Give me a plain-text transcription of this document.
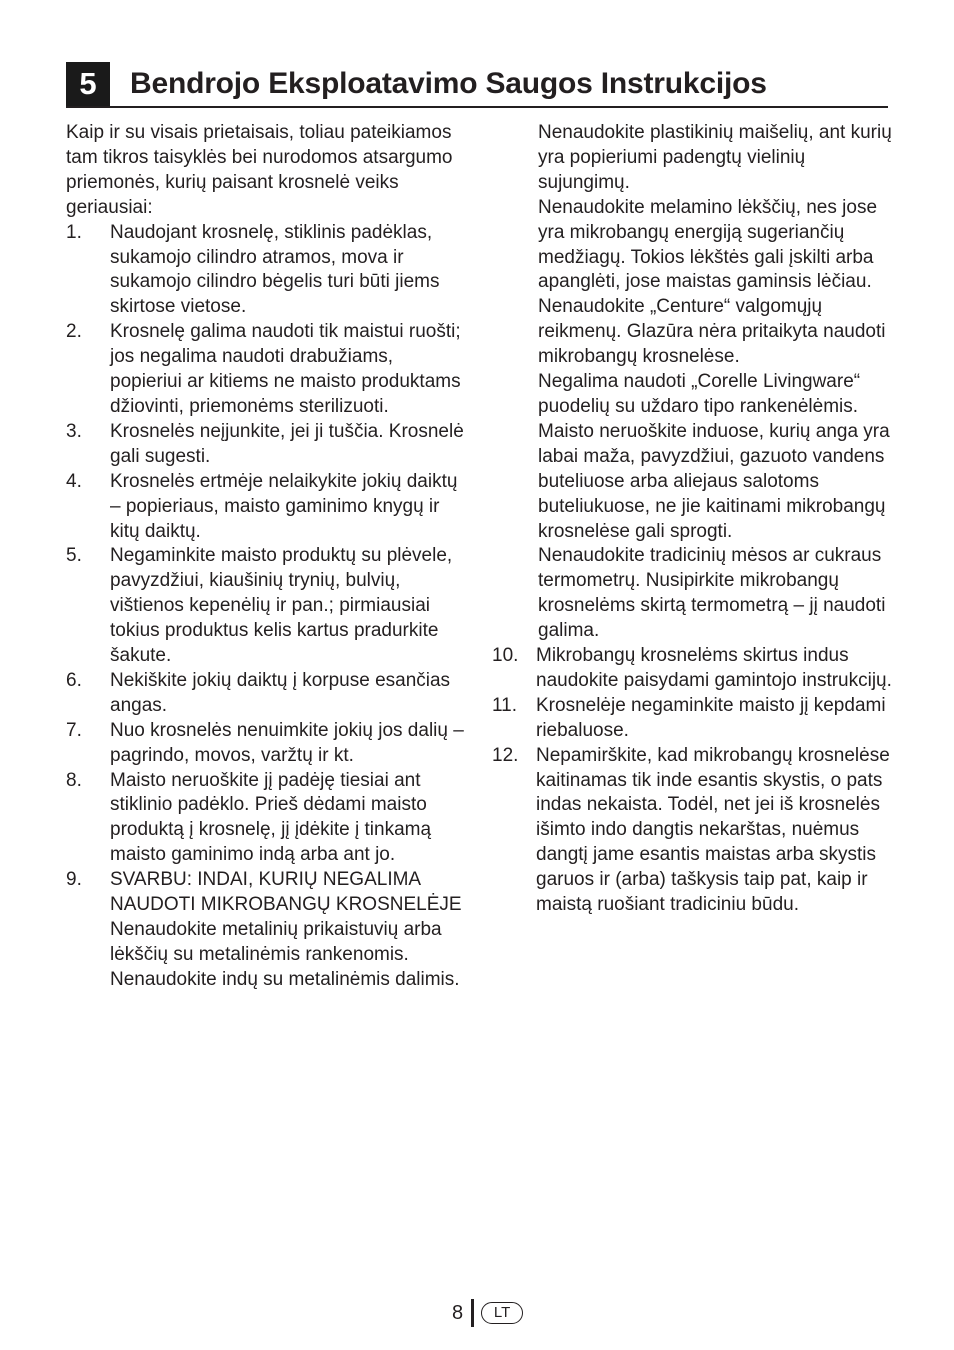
5	Bendrojo Eksploatavimo Saugos Instrukcijos

Kaip ir su visais prietaisais, toliau pateikiamos tam tikros taisyklės bei nurodomos atsargumo priemonės, kurių paisant krosnelė veiks geriausiai:

1.	Naudojant krosnelę, stiklinis padėklas, sukamojo cilindro atramos, mova ir sukamojo cilindro bėgelis turi būti jiems skirtose vietose.

2.	Krosnelę galima naudoti tik maistui ruošti; jos negalima naudoti drabužiams, popieriui ar kitiems ne maisto produktams džiovinti, priemonėms sterilizuoti.

3.	Krosnelės neįjunkite, jei ji tuščia. Krosnelė gali sugesti.

4.	Krosnelės ertmėje nelaikykite jokių daiktų – popieriaus, maisto gaminimo knygų ir kitų daiktų.

5.	Negaminkite maisto produktų su plėvele, pavyzdžiui, kiaušinių trynių, bulvių, vištienos kepenėlių ir pan.; pirmiausiai tokius produktus kelis kartus pradurkite šakute.

6.	Nekiškite jokių daiktų į korpuse esančias angas.

7.	Nuo krosnelės nenuimkite jokių jos dalių – pagrindo, movos, varžtų ir kt.

8.	Maisto neruoškite jį padėję tiesiai ant stiklinio padėklo. Prieš dėdami maisto produktą į krosnelę, jį įdėkite į tinkamą maisto gaminimo indą arba ant jo.

9.	SVARBU: INDAI, KURIŲ NEGALIMA NAUDOTI MIKROBANGŲ KROSNELĖJE

Nenaudokite metalinių prikaistuvių arba lėkščių su metalinėmis rankenomis.

Nenaudokite indų su metalinėmis dalimis.

Nenaudokite plastikinių maišelių, ant kurių yra popieriumi padengtų vielinių sujungimų.

Nenaudokite melamino lėkščių, nes jose yra mikrobangų energiją sugeriančių medžiagų. Tokios lėkštės gali įskilti arba apanglėti, jose maistas gaminsis lėčiau.

Nenaudokite „Centure“ valgomųjų reikmenų. Glazūra nėra pritaikyta naudoti mikrobangų krosnelėse.

Negalima naudoti „Corelle Livingware“ puodelių su uždaro tipo rankenėlėmis.

Maisto neruoškite induose, kurių anga yra labai maža, pavyzdžiui, gazuoto vandens buteliuose arba aliejaus salotoms buteliukuose, ne jie kaitinami mikrobangų krosnelėse gali sprogti.

Nenaudokite tradicinių mėsos ar cukraus termometrų. Nusipirkite mikrobangų krosnelėms skirtą termometrą – jį naudoti galima.

10. Mikrobangų krosnelėms skirtus indus naudokite paisydami gamintojo instrukcijų.

11. Krosnelėje negaminkite maisto jį kepdami riebaluose.

12. Nepamirškite, kad mikrobangų krosnelėse kaitinamas tik inde esantis skystis, o pats indas nekaista. Todėl, net jei iš krosnelės išimto indo dangtis nekarštas, nuėmus dangtį jame esantis maistas arba skystis garuos ir (arba) taškysis taip pat, kaip ir maistą ruošiant tradiciniu būdu.

8	LT
